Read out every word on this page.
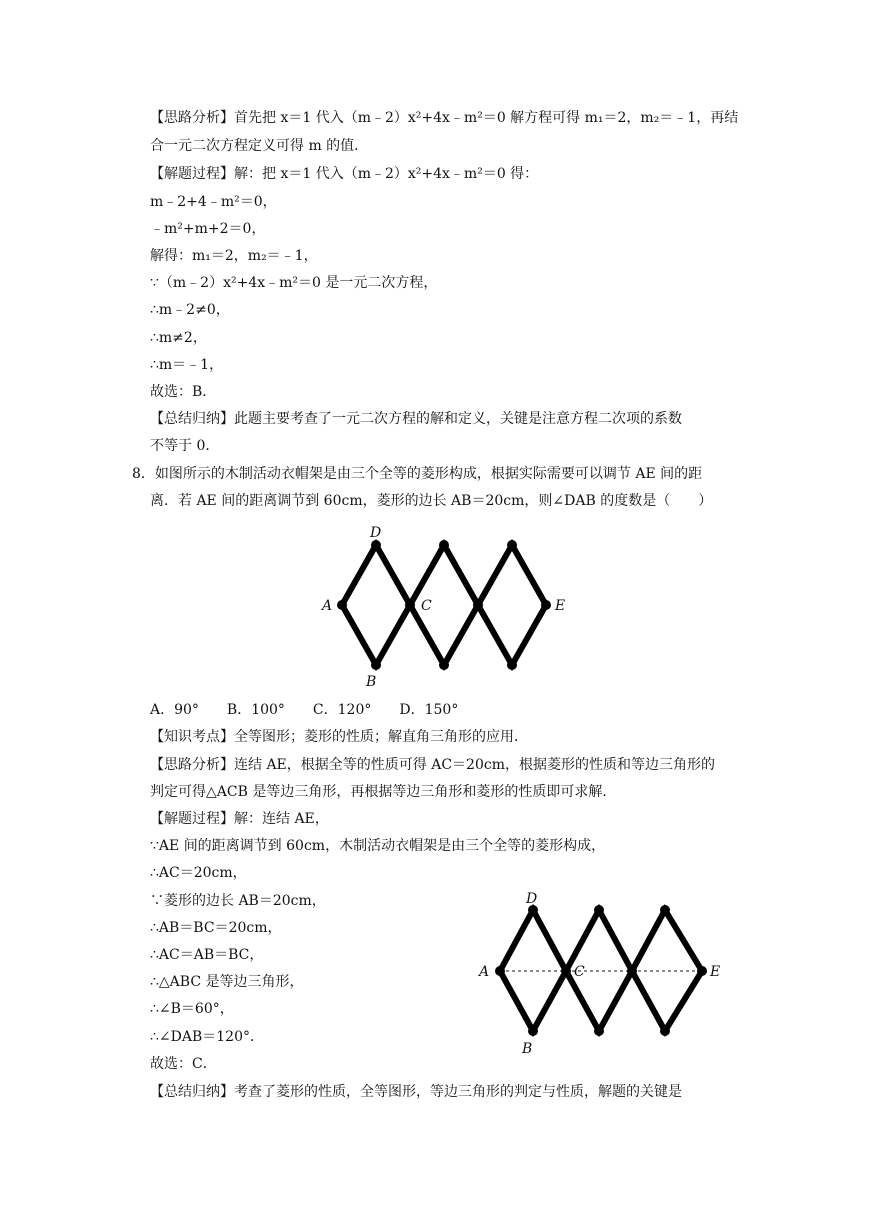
【思路分析】首先把 x＝1 代入（m﹣2）x²+4x﹣m²＝0 解方程可得 m₁＝2，m₂＝﹣1，再结
合一元二次方程定义可得 m 的值．
【解题过程】解：把 x＝1 代入（m﹣2）x²+4x﹣m²＝0 得：
m﹣2+4﹣m²＝0，
﹣m²+m+2＝0，
解得：m₁＝2，m₂＝﹣1，
∵（m﹣2）x²+4x﹣m²＝0 是一元二次方程，
∴m﹣2≠0，
∴m≠2，
∴m＝﹣1，
故选：B．
【总结归纳】此题主要考查了一元二次方程的解和定义，关键是注意方程二次项的系数
不等于 0．
8．如图所示的木制活动衣帽架是由三个全等的菱形构成，根据实际需要可以调节 AE 间的距
离．若 AE 间的距离调节到 60cm，菱形的边长 AB＝20cm，则∠DAB 的度数是（　　）
D
A	C	E
B
A．90°　　B．100°　　C．120°　　D．150°
【知识考点】全等图形；菱形的性质；解直角三角形的应用．
【思路分析】连结 AE，根据全等的性质可得 AC＝20cm，根据菱形的性质和等边三角形的
判定可得△ACB 是等边三角形，再根据等边三角形和菱形的性质即可求解．
【解题过程】解：连结 AE，
∵AE 间的距离调节到 60cm，木制活动衣帽架是由三个全等的菱形构成，
∴AC＝20cm，
∵菱形的边长 AB＝20cm，
∴AB＝BC＝20cm，
∴AC＝AB＝BC，
∴△ABC 是等边三角形，
∴∠B＝60°，
∴∠DAB＝120°．
故选：C．
【总结归纳】考查了菱形的性质，全等图形，等边三角形的判定与性质，解题的关键是
D
A	C	E
B
